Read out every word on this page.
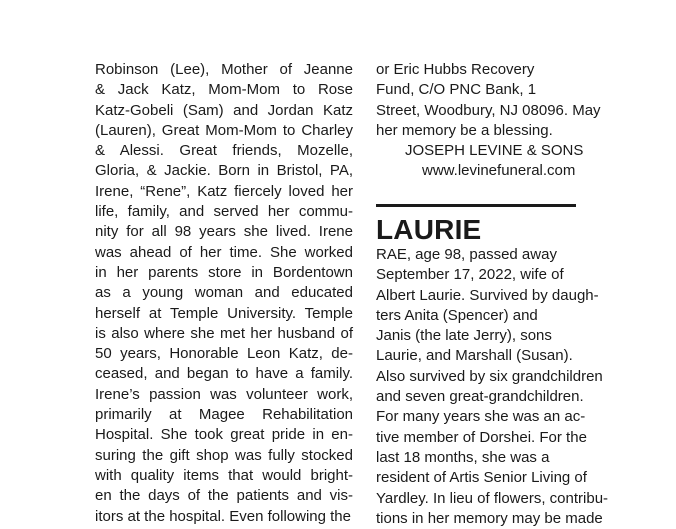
Robinson (Lee), Mother of Jeanne
& Jack Katz, Mom-Mom to Rose
Katz-Gobeli (Sam) and Jordan Katz
(Lauren), Great Mom-Mom to Charley
& Alessi. Great friends, Mozelle,
Gloria, & Jackie. Born in Bristol, PA,
Irene, “Rene”, Katz fiercely loved her
life, family, and served her commu-
nity for all 98 years she lived. Irene
was ahead of her time. She worked
in her parents store in Bordentown
as a young woman and educated
herself at Temple University. Temple
is also where she met her husband of
50 years, Honorable Leon Katz, de-
ceased, and began to have a family.
Irene’s passion was volunteer work,
primarily at Magee Rehabilitation
Hospital. She took great pride in en-
suring the gift shop was fully stocked
with quality items that would bright-
en the days of the patients and vis-
itors at the hospital. Even following the
or Eric Hubbs Recovery
Fund, C/O PNC Bank, 1
Street, Woodbury, NJ 08096. May
her memory be a blessing.
JOSEPH LEVINE & SONS
www.levinefuneral.com
LAURIE
RAE, age 98, passed away
September 17, 2022, wife of
Albert Laurie. Survived by daugh-
ters Anita (Spencer) and
Janis (the late Jerry), sons
Laurie, and Marshall (Susan).
Also survived by six grandchildren
and seven great-grandchildren.
For many years she was an ac-
tive member of Dorshei. For the
last 18 months, she was a
resident of Artis Senior Living of
Yardley. In lieu of flowers, contribu-
tions in her memory may be made
